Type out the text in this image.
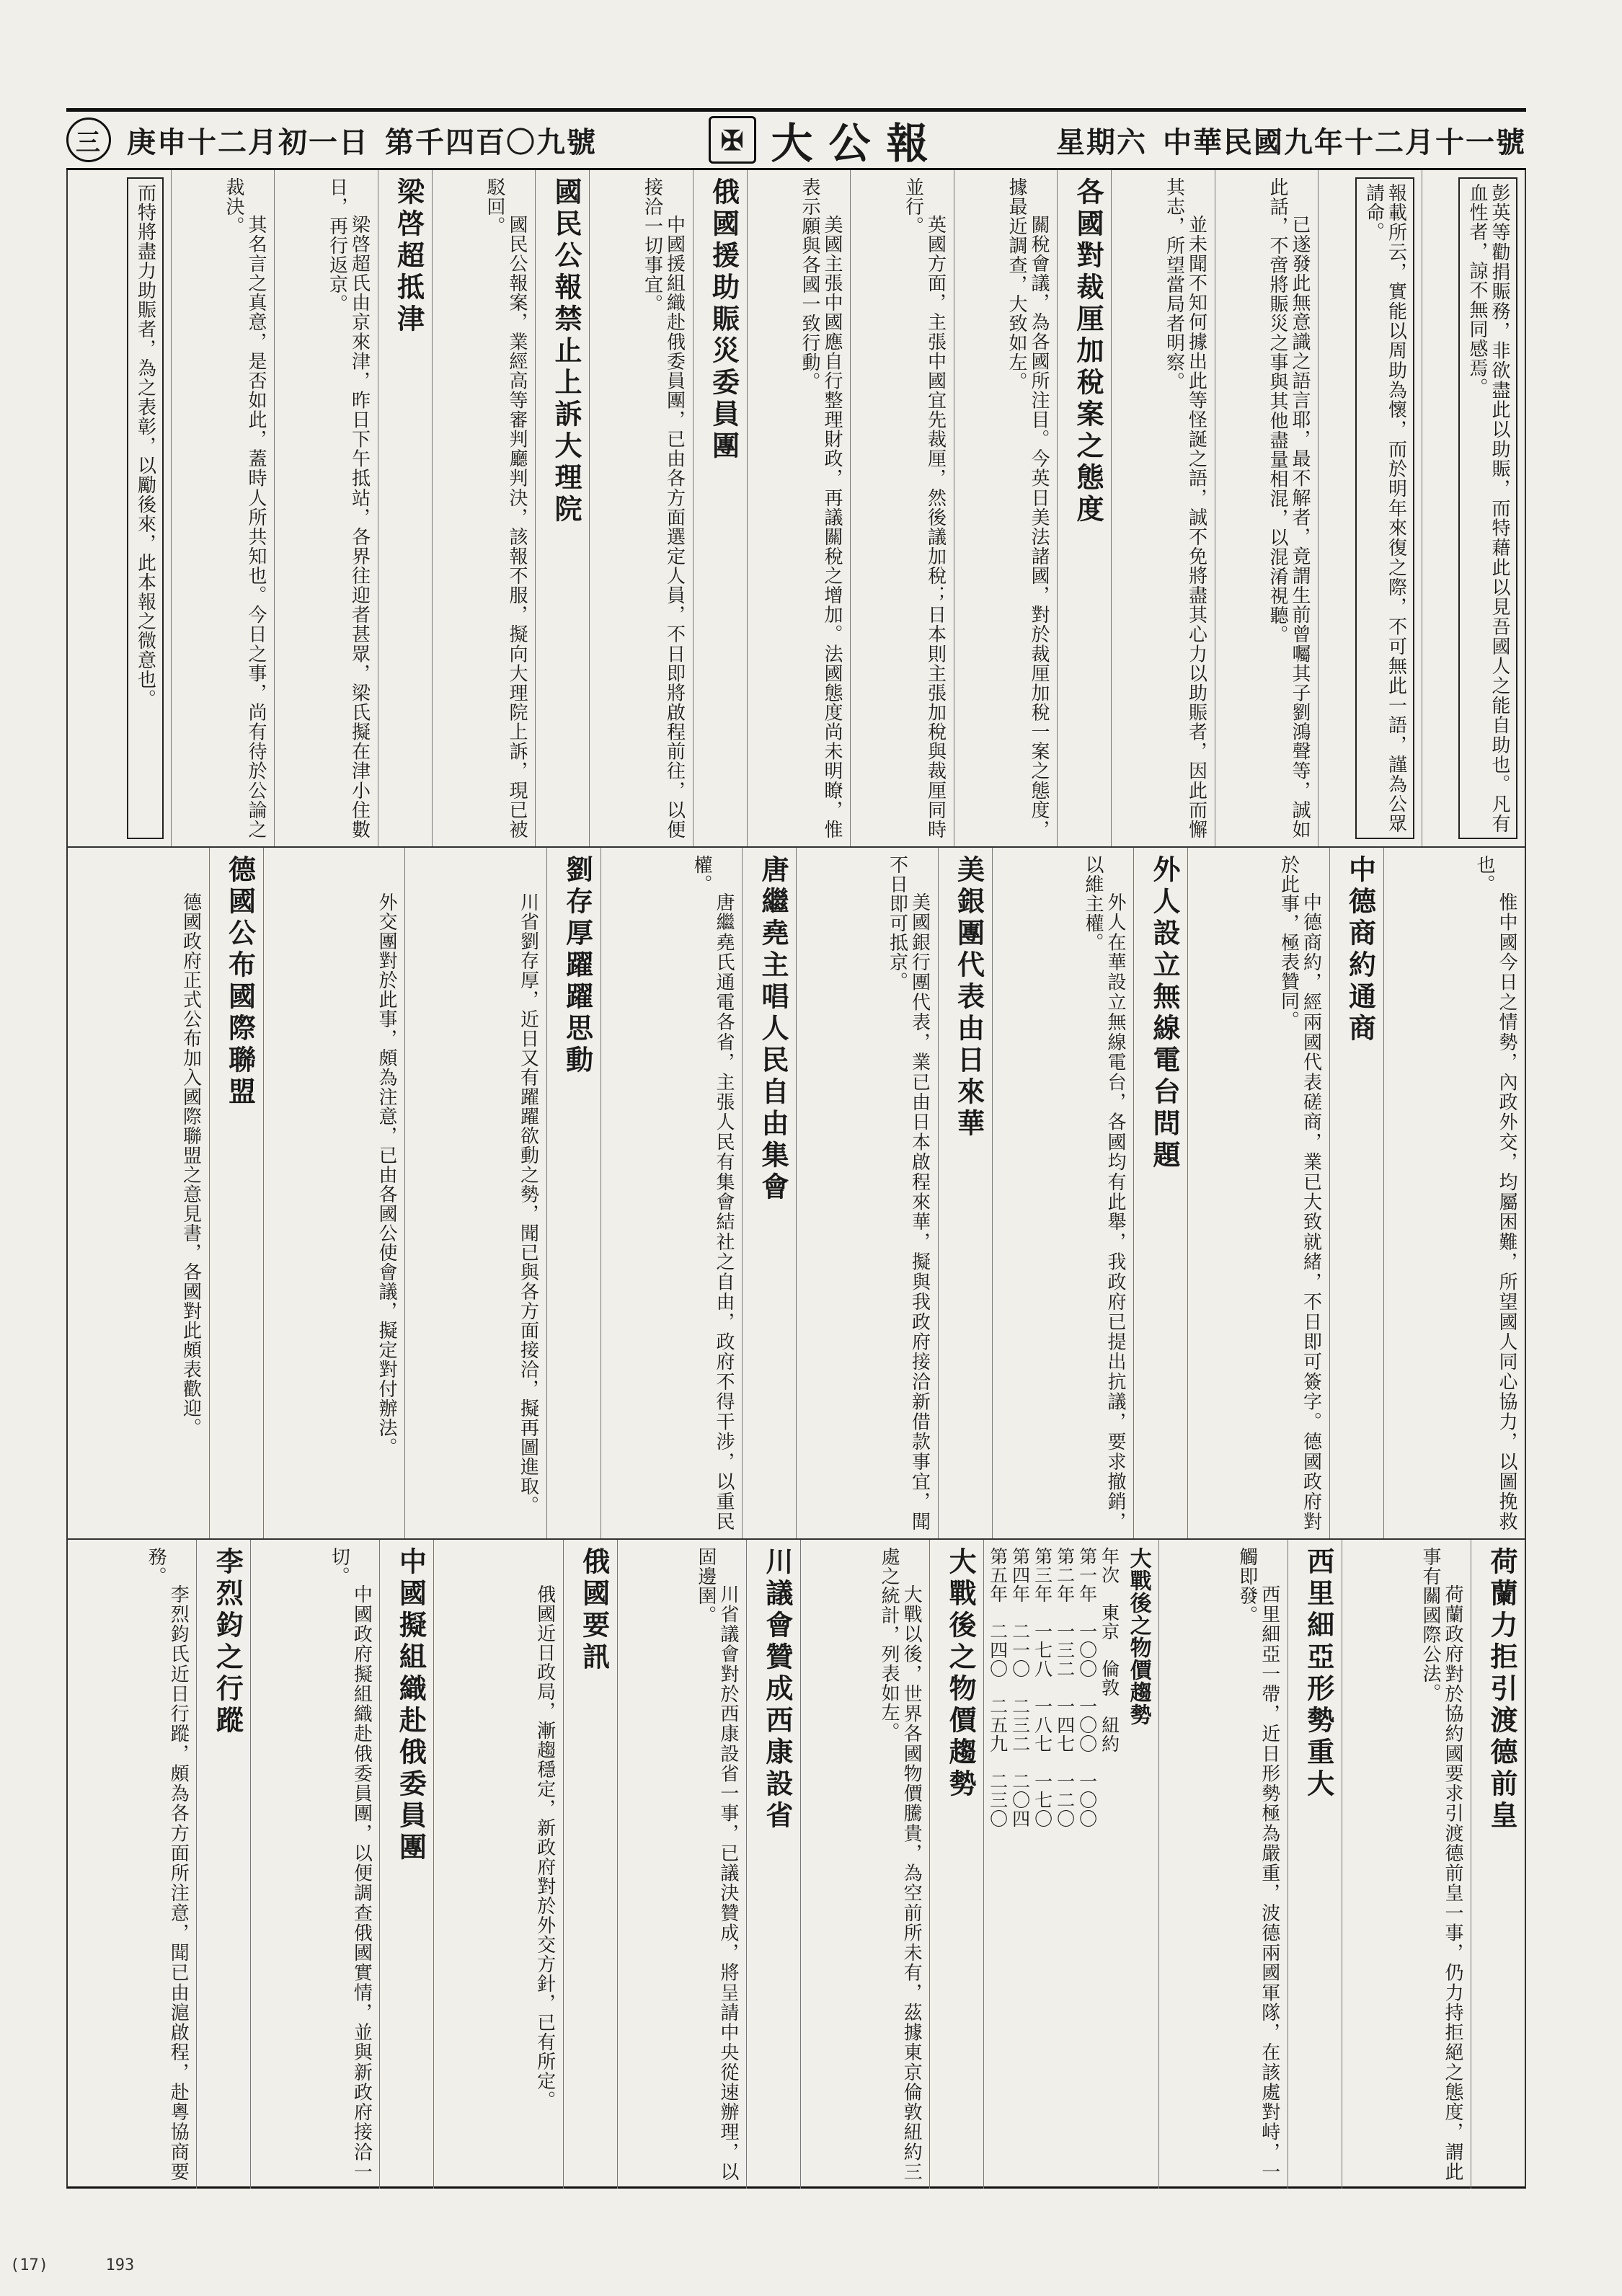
三 庚申十二月初一日 第千四百〇九號	✠ 大公報	星期六 中華民國九年十二月十一號
彭英等勸捐賑務，非欲盡此以助賑，而特藉此以見吾國人之能自助也。凡有血性者，諒不無同感焉。
報載所云，實能以周助為懷，而於明年來復之際，不可無此一語，謹為公眾請命。

已遂發此無意識之語言耶，最不解者，竟謂生前曾囑其子劉鴻聲等，誠如此話，不啻將賑災之事與其他盡量相混，以混淆視聽。

並未聞不知何據出此等怪誕之語，誠不免將盡其心力以助賑者，因此而懈其志，所望當局者明察。

各國對裁厘加稅案之態度

關稅會議，為各國所注目。今英日美法諸國，對於裁厘加稅一案之態度，據最近調查，大致如左。

英國方面，主張中國宜先裁厘，然後議加稅；日本則主張加稅與裁厘同時並行。

美國主張中國應自行整理財政，再議關稅之增加。法國態度尚未明瞭，惟表示願與各國一致行動。

俄國援助賑災委員團

中國援組織赴俄委員團，已由各方面選定人員，不日即將啟程前往，以便接洽一切事宜。

國民公報禁止上訴大理院

國民公報案，業經高等審判廳判決，該報不服，擬向大理院上訴，現已被駁回。

梁啓超抵津

梁啓超氏由京來津，昨日下午抵站，各界往迎者甚眾，梁氏擬在津小住數日，再行返京。

其名言之真意，是否如此，蓋時人所共知也。今日之事，尚有待於公論之裁決。

而特將盡力助賑者，為之表彰，以勵後來，此本報之微意也。

惟中國今日之情勢，內政外交，均屬困難，所望國人同心協力，以圖挽救也。

中德商約通商

中德商約，經兩國代表磋商，業已大致就緒，不日即可簽字。德國政府對於此事，極表贊同。

外人設立無線電台問題

外人在華設立無線電台，各國均有此舉，我政府已提出抗議，要求撤銷，以維主權。

美銀團代表由日來華

美國銀行團代表，業已由日本啟程來華，擬與我政府接洽新借款事宜，聞不日即可抵京。

唐繼堯主唱人民自由集會

唐繼堯氏通電各省，主張人民有集會結社之自由，政府不得干涉，以重民權。

劉存厚躍躍思動

川省劉存厚，近日又有躍躍欲動之勢，聞已與各方面接洽，擬再圖進取。

外交團對於此事，頗為注意，已由各國公使會議，擬定對付辦法。

德國公布國際聯盟

德國政府正式公布加入國際聯盟之意見書，各國對此頗表歡迎。

荷蘭力拒引渡德前皇

荷蘭政府對於協約國要求引渡德前皇一事，仍力持拒絕之態度，謂此事有關國際公法。

西里細亞形勢重大

西里細亞一帶，近日形勢極為嚴重，波德兩國軍隊，在該處對峙，一觸即發。

大戰後之物價趨勢

年次　東京　倫敦　紐約
第一年　一〇〇　一〇〇　一〇〇
第二年　一三二　一四七　一二〇
第三年　一七八　一八七　一七〇
第四年　二一〇　二三二　二〇四
第五年　二四〇　二五九　二三〇

大戰後之物價趨勢

大戰以後，世界各國物價騰貴，為空前所未有，茲據東京倫敦紐約三處之統計，列表如左。

川議會贊成西康設省

川省議會對於西康設省一事，已議決贊成，將呈請中央從速辦理，以固邊圉。

俄國要訊

俄國近日政局，漸趨穩定，新政府對於外交方針，已有所定。

中國擬組織赴俄委員團

中國政府擬組織赴俄委員團，以便調查俄國實情，並與新政府接洽一切。

李烈鈞之行蹤

李烈鈞氏近日行蹤，頗為各方面所注意，聞已由滬啟程，赴粵協商要務。

(17)	193
